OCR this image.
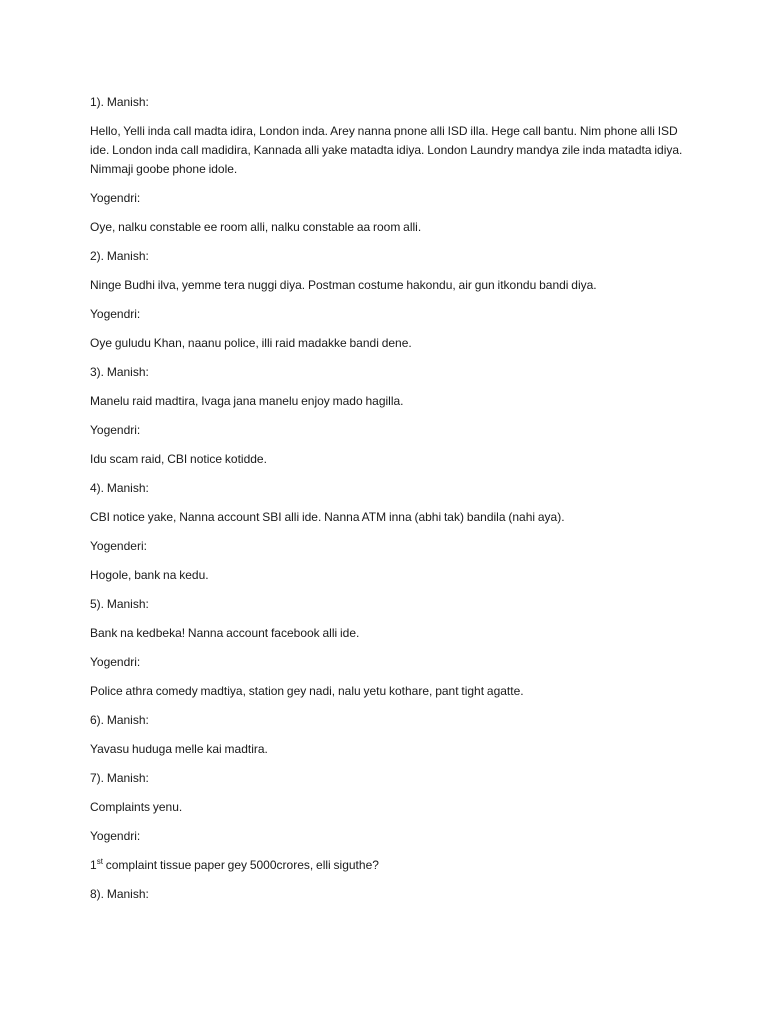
1). Manish:

Hello, Yelli inda call madta idira, London inda. Arey nanna pnone alli ISD illa. Hege call bantu. Nim phone alli ISD ide. London inda call madidira, Kannada alli yake matadta idiya. London Laundry mandya zile inda matadta idiya. Nimmaji goobe phone idole.

Yogendri:

Oye, nalku constable ee room alli, nalku constable aa room alli.

2). Manish:

Ninge Budhi ilva, yemme tera nuggi diya. Postman costume hakondu, air gun itkondu bandi diya.

Yogendri:

Oye guludu Khan, naanu police, illi raid madakke bandi dene.

3). Manish:

Manelu raid madtira, Ivaga jana manelu enjoy mado hagilla.

Yogendri:

Idu scam raid, CBI notice kotidde.

4). Manish:

CBI notice yake, Nanna account SBI alli ide. Nanna ATM inna (abhi tak) bandila (nahi aya).

Yogenderi:

Hogole, bank na kedu.

5). Manish:

Bank na kedbeka! Nanna account facebook alli ide.

Yogendri:

Police athra comedy madtiya, station gey nadi, nalu yetu kothare, pant tight agatte.

6). Manish:

Yavasu huduga melle kai madtira.

7). Manish:

Complaints yenu.

Yogendri:

1st complaint tissue paper gey 5000crores, elli siguthe?

8). Manish:
